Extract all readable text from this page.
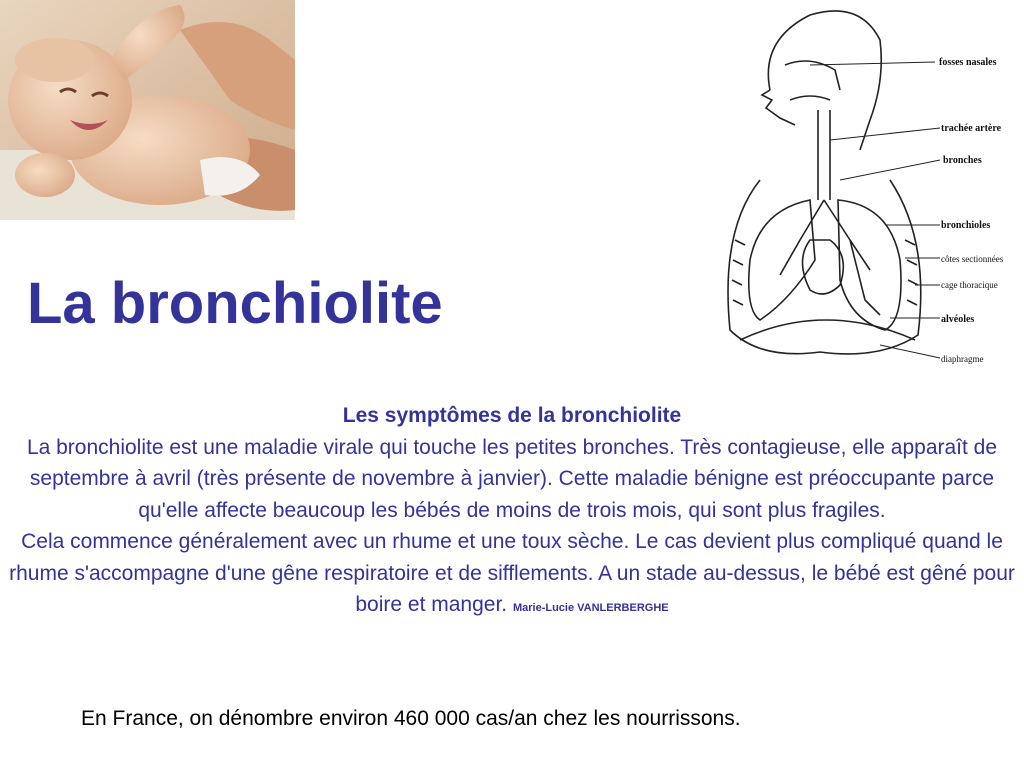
La bronchiolite
fosses nasales
trachée artère
bronches
bronchioles
côtes sectionnées
cage thoracique
alvéoles
diaphragme
Les symptômes de la bronchiolite

La bronchiolite est une maladie virale qui touche les petites bronches. Très contagieuse, elle apparaît de septembre à avril (très présente de novembre à janvier). Cette maladie bénigne est préoccupante parce qu'elle affecte beaucoup les bébés de moins de trois mois, qui sont plus fragiles.

Cela commence généralement avec un rhume et une toux sèche. Le cas devient plus compliqué quand le rhume s'accompagne d'une gêne respiratoire et de sifflements. A un stade au-dessus, le bébé est gêné pour boire et manger. Marie-Lucie VANLERBERGHE

En France, on dénombre environ 460 000 cas/an chez les nourrissons.
